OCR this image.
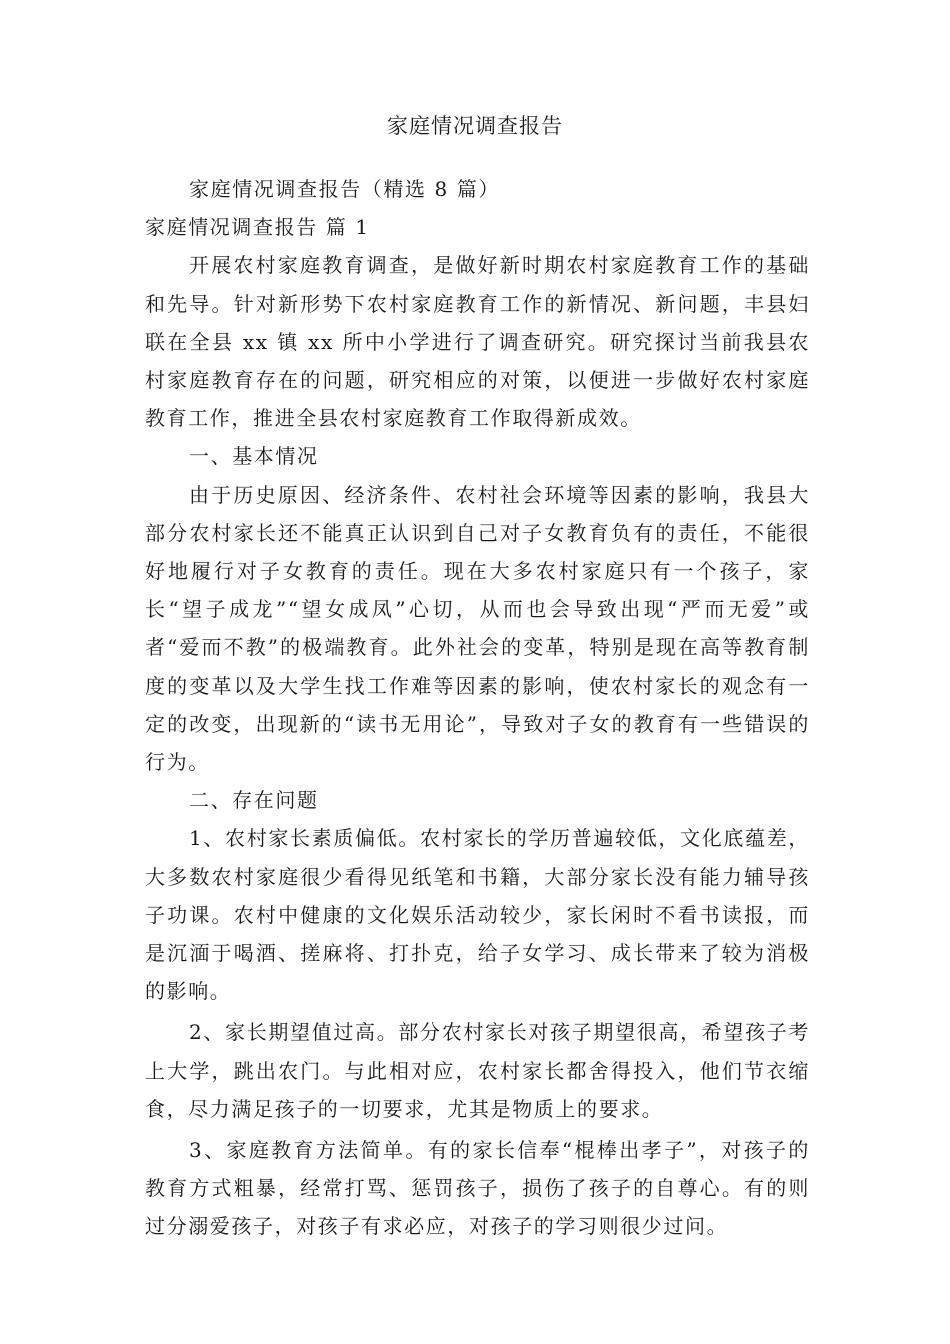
家庭情况调查报告

家庭情况调查报告（精选 8 篇）

家庭情况调查报告 篇 1

开展农村家庭教育调查，是做好新时期农村家庭教育工作的基础和先导。针对新形势下农村家庭教育工作的新情况、新问题，丰县妇联在全县 xx 镇 xx 所中小学进行了调查研究。研究探讨当前我县农村家庭教育存在的问题，研究相应的对策，以便进一步做好农村家庭教育工作，推进全县农村家庭教育工作取得新成效。

一、基本情况

由于历史原因、经济条件、农村社会环境等因素的影响，我县大部分农村家长还不能真正认识到自己对子女教育负有的责任，不能很好地履行对子女教育的责任。现在大多农村家庭只有一个孩子，家长“望子成龙”“望女成凤”心切，从而也会导致出现“严而无爱”或者“爱而不教”的极端教育。此外社会的变革，特别是现在高等教育制度的变革以及大学生找工作难等因素的影响，使农村家长的观念有一定的改变，出现新的“读书无用论”，导致对子女的教育有一些错误的行为。

二、存在问题

1、农村家长素质偏低。农村家长的学历普遍较低，文化底蕴差，大多数农村家庭很少看得见纸笔和书籍，大部分家长没有能力辅导孩子功课。农村中健康的文化娱乐活动较少，家长闲时不看书读报，而是沉湎于喝酒、搓麻将、打扑克，给子女学习、成长带来了较为消极的影响。

2、家长期望值过高。部分农村家长对孩子期望很高，希望孩子考上大学，跳出农门。与此相对应，农村家长都舍得投入，他们节衣缩食，尽力满足孩子的一切要求，尤其是物质上的要求。

3、家庭教育方法简单。有的家长信奉“棍棒出孝子”，对孩子的教育方式粗暴，经常打骂、惩罚孩子，损伤了孩子的自尊心。有的则过分溺爱孩子，对孩子有求必应，对孩子的学习则很少过问。
